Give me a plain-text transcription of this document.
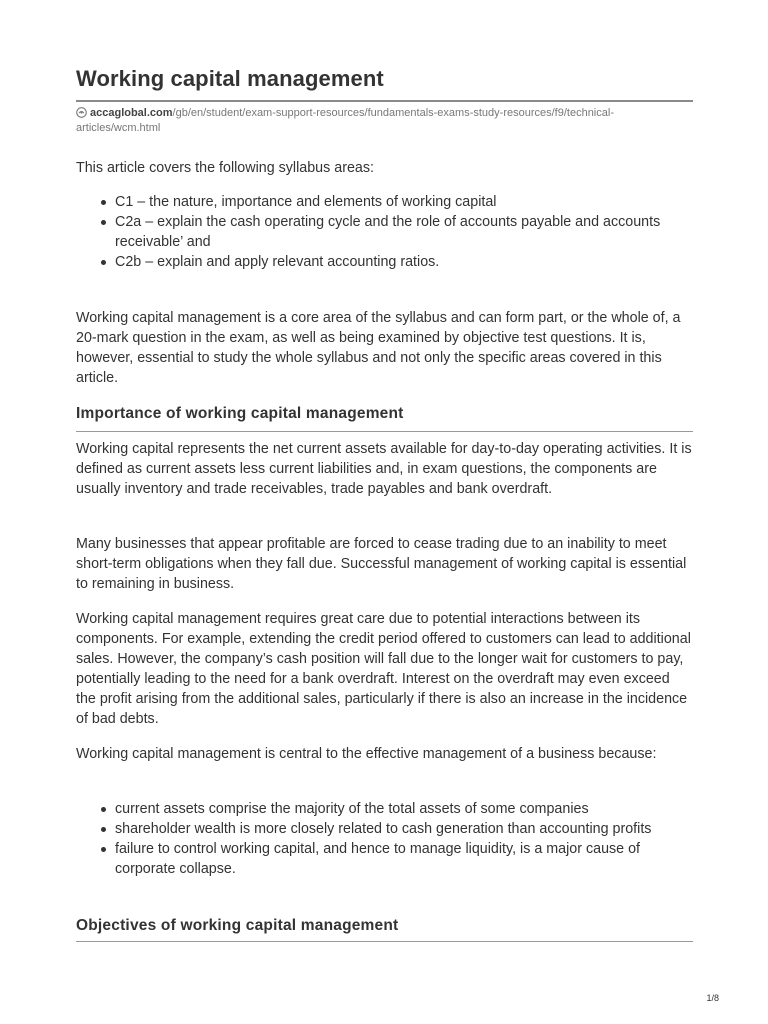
Working capital management
accaglobal.com/gb/en/student/exam-support-resources/fundamentals-exams-study-resources/f9/technical-articles/wcm.html

This article covers the following syllabus areas:

C1 – the nature, importance and elements of working capital
C2a – explain the cash operating cycle and the role of accounts payable and accounts receivable’ and
C2b – explain and apply relevant accounting ratios.

Working capital management is a core area of the syllabus and can form part, or the whole of, a 20-mark question in the exam, as well as being examined by objective test questions. It is, however, essential to study the whole syllabus and not only the specific areas covered in this article.

Importance of working capital management

Working capital represents the net current assets available for day-to-day operating activities. It is defined as current assets less current liabilities and, in exam questions, the components are usually inventory and trade receivables, trade payables and bank overdraft.

Many businesses that appear profitable are forced to cease trading due to an inability to meet short-term obligations when they fall due. Successful management of working capital is essential to remaining in business.

Working capital management requires great care due to potential interactions between its components. For example, extending the credit period offered to customers can lead to additional sales. However, the company’s cash position will fall due to the longer wait for customers to pay, potentially leading to the need for a bank overdraft. Interest on the overdraft may even exceed the profit arising from the additional sales, particularly if there is also an increase in the incidence of bad debts.

Working capital management is central to the effective management of a business because:

current assets comprise the majority of the total assets of some companies
shareholder wealth is more closely related to cash generation than accounting profits
failure to control working capital, and hence to manage liquidity, is a major cause of corporate collapse.
Objectives of working capital management
1/8
